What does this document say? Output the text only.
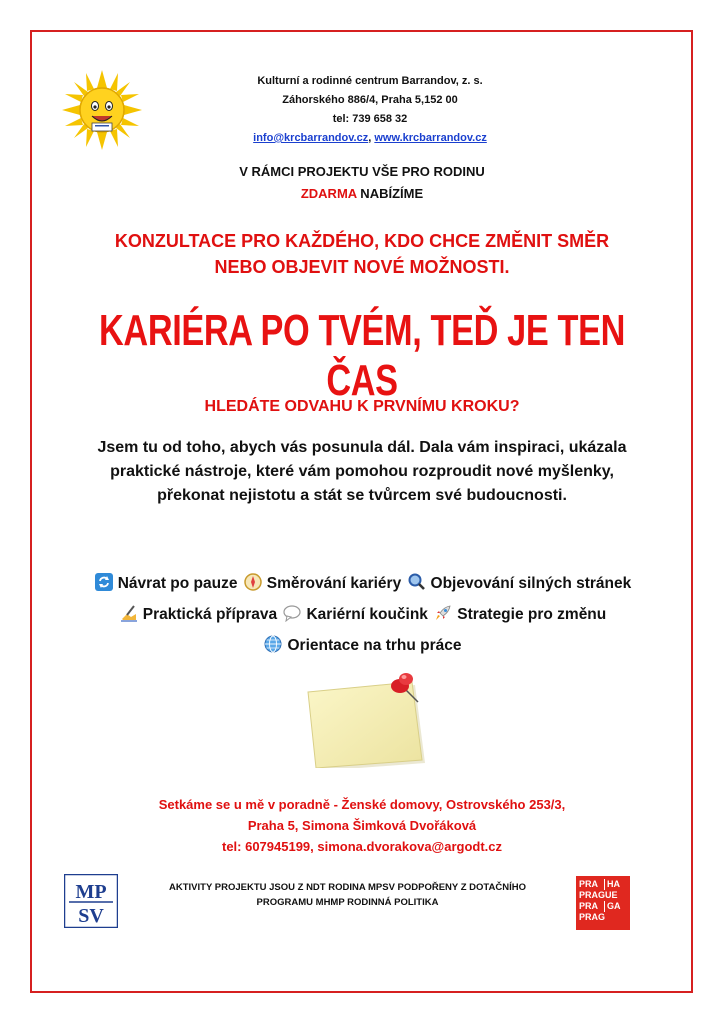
Kulturní a rodinné centrum Barrandov, z. s.
Záhorského 886/4, Praha 5,152 00
tel: 739 658 32
info@krcbarrandov.cz, www.krcbarrandov.cz
V RÁMCI PROJEKTU VŠE PRO RODINU
ZDARMA NABÍZÍME
KONZULTACE PRO KAŽDÉHO, KDO CHCE ZMĚNIT SMĚR
NEBO OBJEVIT NOVÉ MOŽNOSTI.
KARIÉRA PO TVÉM, TEĎ JE TEN ČAS
HLEDÁTE ODVAHU K PRVNÍMU KROKU?
Jsem tu od toho, abych vás posunula dál. Dala vám inspiraci, ukázala praktické nástroje, které vám pomohou rozproudit nové myšlenky, překonat nejistotu a stát se tvůrcem své budoucnosti.
Návrat po pauze Směrování kariéry Objevování silných stránek Praktická příprava Kariérní koučink Strategie pro změnu Orientace na trhu práce
Setkáme se u mě v poradně - Ženské domovy, Ostrovského 253/3,
Praha 5, Simona Šimková Dvořáková
tel: 607945199, simona.dvorakova@argodt.cz
MP
SV
AKTIVITY PROJEKTU JSOU Z NDT RODINA MPSV PODPOŘENY Z DOTAČNÍHO
PROGRAMU MHMP RODINNÁ POLITIKA
PRA HA
PRAGUE
PRA GA
PRAG
